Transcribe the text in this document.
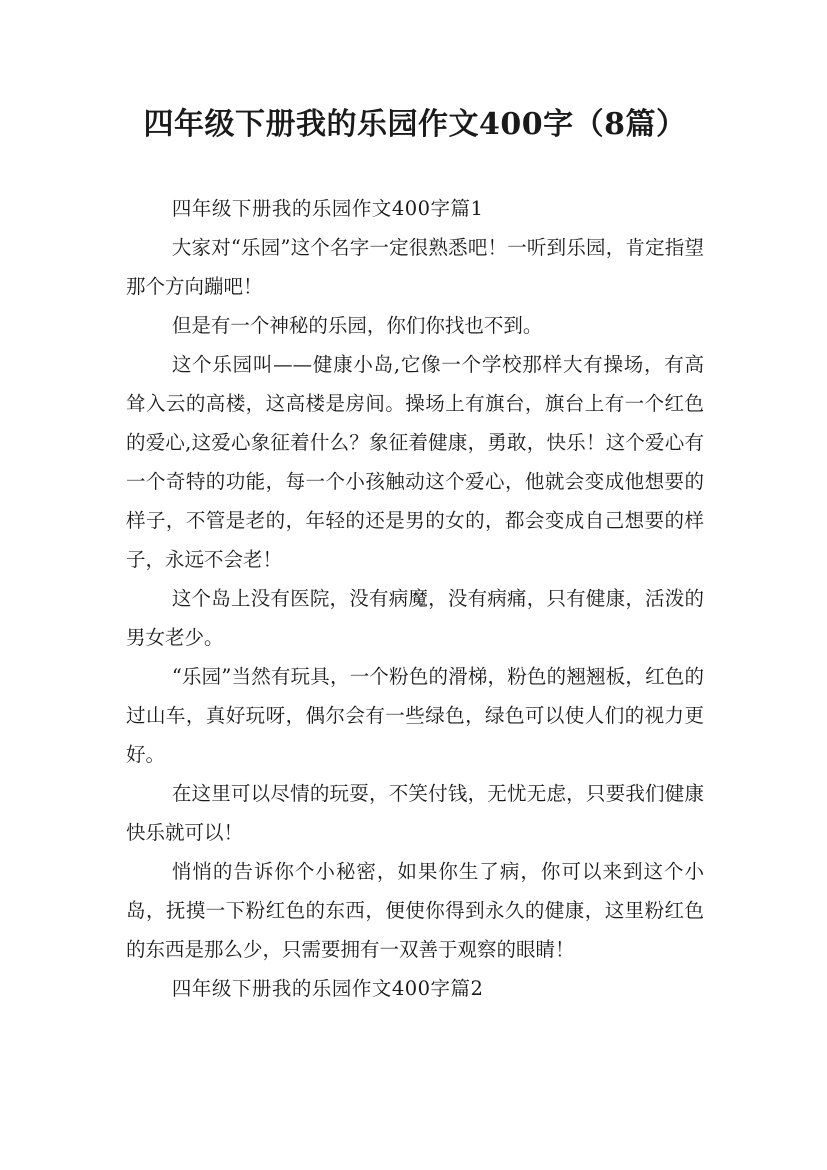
四年级下册我的乐园作文400字（8篇）

四年级下册我的乐园作文400字篇1

大家对“乐园”这个名字一定很熟悉吧！一听到乐园，肯定指望那个方向蹦吧！

但是有一个神秘的乐园，你们你找也不到。

这个乐园叫——健康小岛,它像一个学校那样大有操场，有高耸入云的高楼，这高楼是房间。操场上有旗台，旗台上有一个红色的爱心,这爱心象征着什么？象征着健康，勇敢，快乐！这个爱心有一个奇特的功能，每一个小孩触动这个爱心，他就会变成他想要的样子，不管是老的，年轻的还是男的女的，都会变成自己想要的样子，永远不会老！

这个岛上没有医院，没有病魔，没有病痛，只有健康，活泼的男女老少。

“乐园”当然有玩具，一个粉色的滑梯，粉色的翘翘板，红色的过山车，真好玩呀，偶尔会有一些绿色，绿色可以使人们的视力更好。

在这里可以尽情的玩耍，不笑付钱，无忧无虑，只要我们健康快乐就可以！

悄悄的告诉你个小秘密，如果你生了病，你可以来到这个小岛，抚摸一下粉红色的东西，便使你得到永久的健康，这里粉红色的东西是那么少，只需要拥有一双善于观察的眼睛！

四年级下册我的乐园作文400字篇2
